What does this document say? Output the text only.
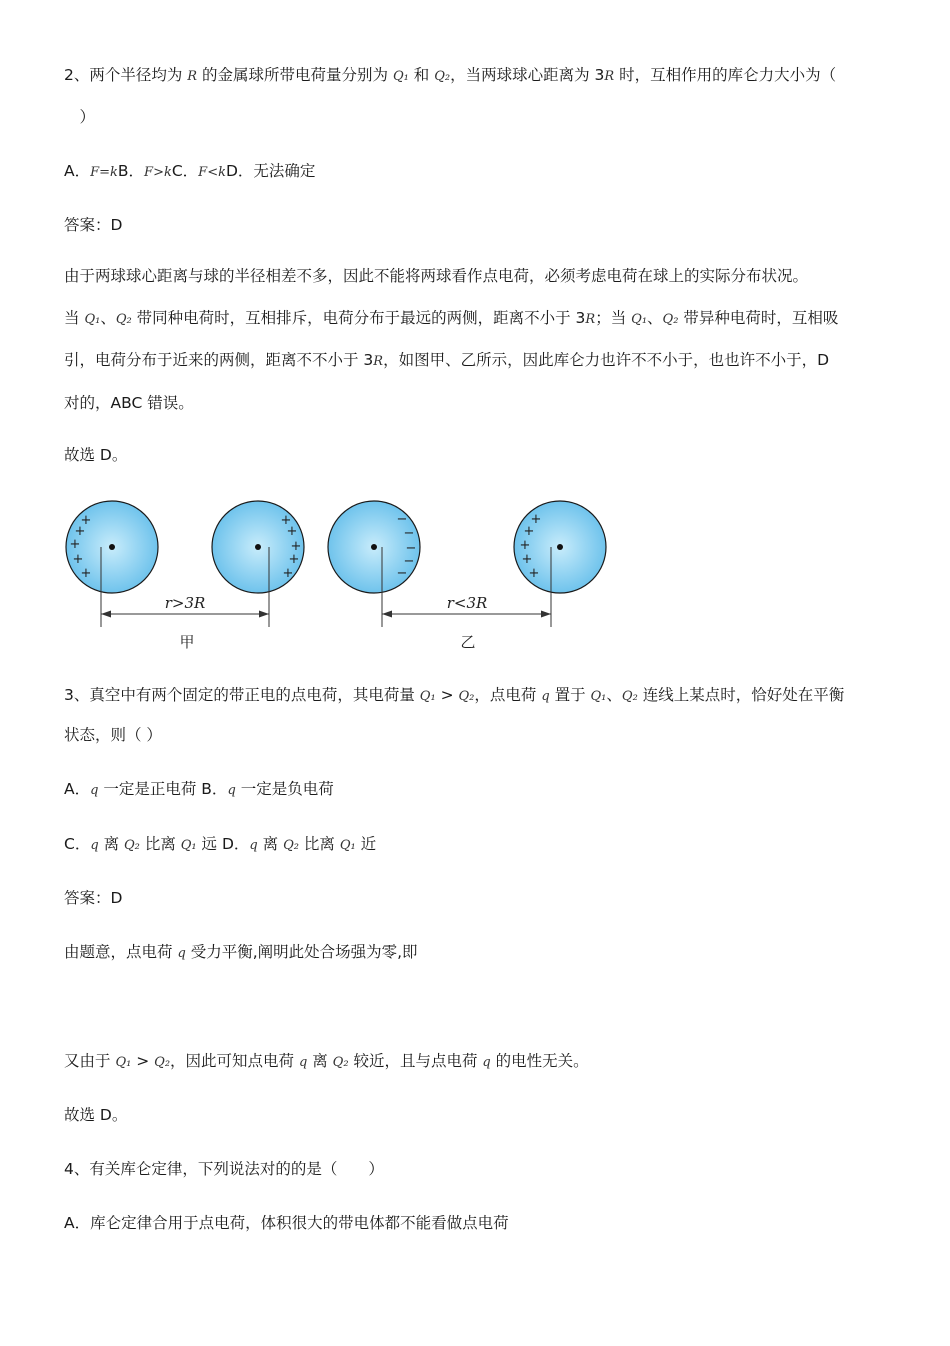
2、两个半径均为 R 的金属球所带电荷量分别为 Q₁ 和 Q₂，当两球球心距离为 3R 时，互相作用的库仑力大小为（
　）
A．F=kB．F>kC．F<kD．无法确定
答案：D
由于两球球心距离与球的半径相差不多，因此不能将两球看作点电荷，必须考虑电荷在球上的实际分布状况。
当 Q₁、Q₂ 带同种电荷时，互相排斥，电荷分布于最远的两侧，距离不小于 3R；当 Q₁、Q₂ 带异种电荷时，互相吸
引，电荷分布于近来的两侧，距离不不小于 3R，如图甲、乙所示，因此库仑力也许不不小于，也也许不小于，D
对的，ABC 错误。
故选 D。
+
+
+
+
+
+
+
+
+
+
−
−
−
−
−
+
+
+
+
+
r>3R	r<3R
甲	乙
3、真空中有两个固定的带正电的点电荷，其电荷量 Q₁ > Q₂，点电荷 q 置于 Q₁、Q₂ 连线上某点时，恰好处在平衡
状态，则（ ）
A．q 一定是正电荷 B．q 一定是负电荷
C．q 离 Q₂ 比离 Q₁ 远 D．q 离 Q₂ 比离 Q₁ 近
答案：D
由题意，点电荷 q 受力平衡,阐明此处合场强为零,即
又由于 Q₁ > Q₂，因此可知点电荷 q 离 Q₂ 较近，且与点电荷 q 的电性无关。
故选 D。
4、有关库仑定律，下列说法对的的是（　　）
A．库仑定律合用于点电荷，体积很大的带电体都不能看做点电荷
